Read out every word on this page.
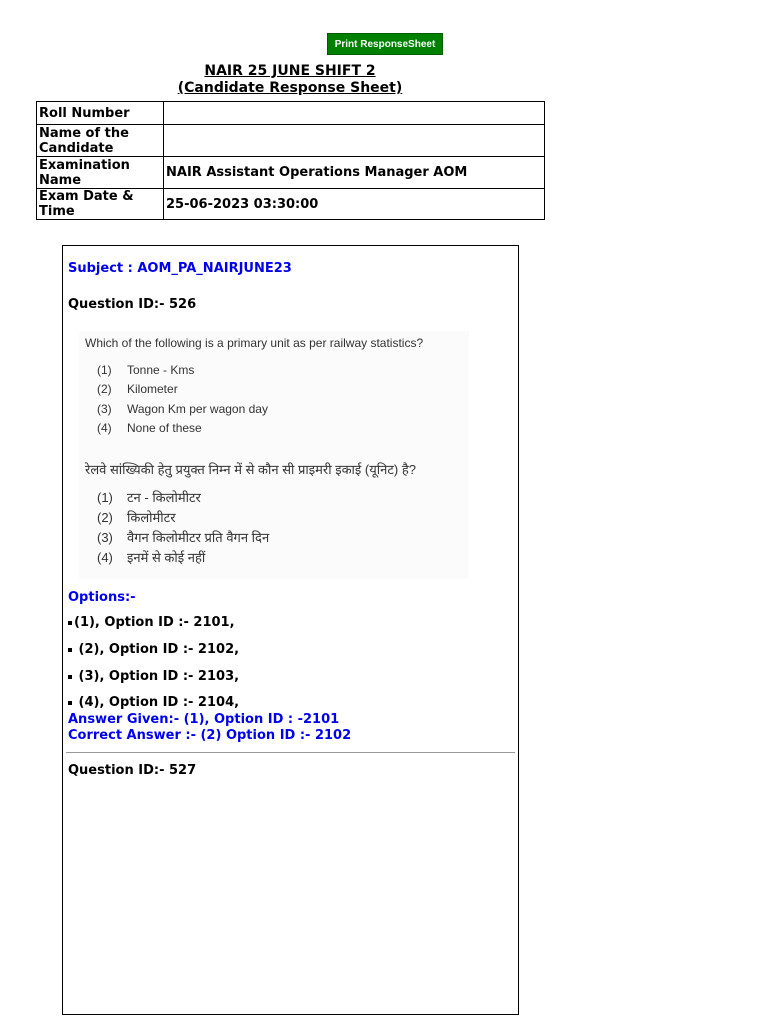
Print ResponseSheet
NAIR 25 JUNE SHIFT 2
(Candidate Response Sheet)
Roll Number	
Name of the Candidate	
Examination Name	NAIR Assistant Operations Manager AOM
Exam Date & Time	25-06-2023 03:30:00
Subject : AOM_PA_NAIRJUNE23
Question ID:- 526
Which of the following is a primary unit as per railway statistics?
(1) Tonne - Kms
(2) Kilometer
(3) Wagon Km per wagon day
(4) None of these
रेलवे सांख्यिकी हेतु प्रयुक्त निम्न में से कौन सी प्राइमरी इकाई (यूनिट) है?
(1) टन - किलोमीटर
(2) किलोमीटर
(3) वैगन किलोमीटर प्रति वैगन दिन
(4) इनमें से कोई नहीं
Options:-
(1), Option ID :- 2101,
(2), Option ID :- 2102,
(3), Option ID :- 2103,
(4), Option ID :- 2104,
Answer Given:- (1), Option ID : -2101
Correct Answer :- (2) Option ID :- 2102
Question ID:- 527
